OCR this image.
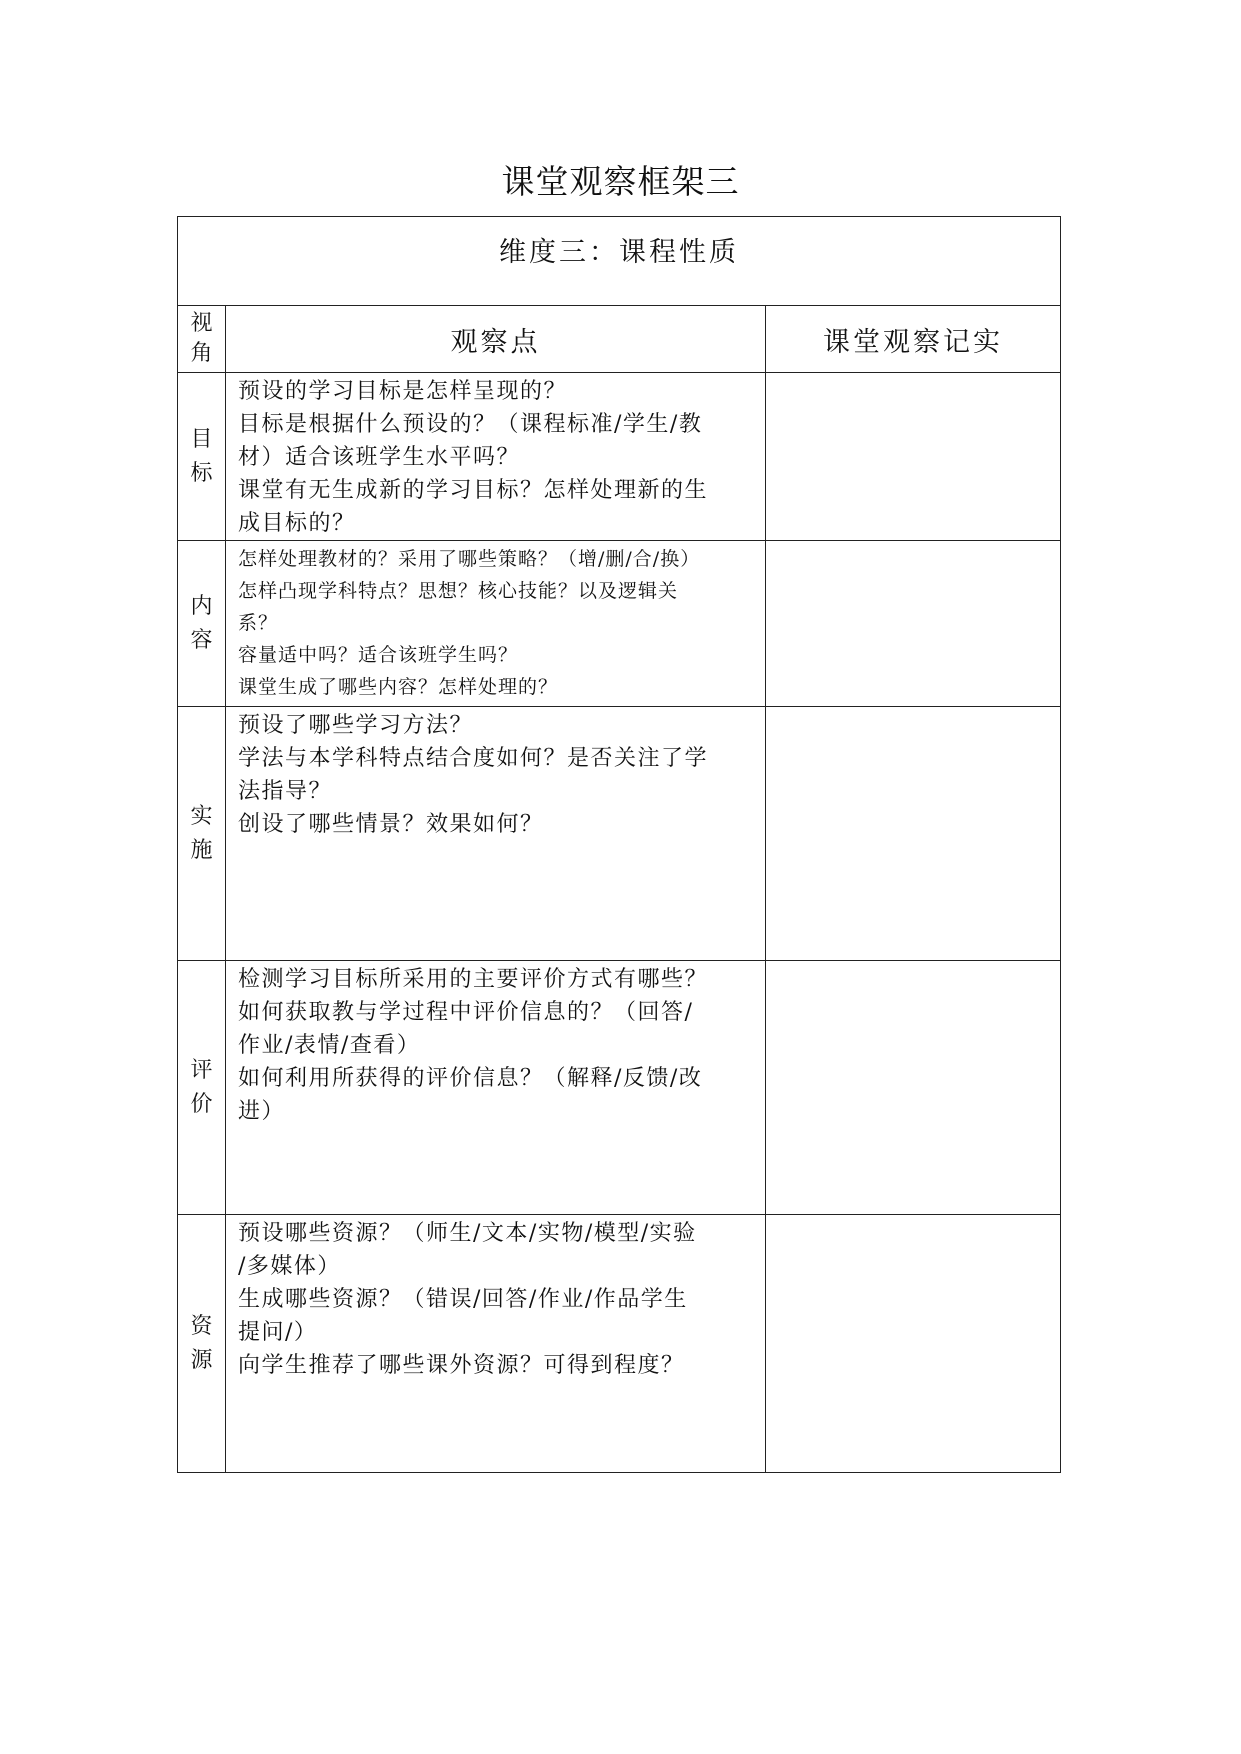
课堂观察框架三
维度三：课程性质		

视
角	观察点	课堂观察记实

目
标	预设的学习目标是怎样呈现的？
目标是根据什么预设的？（课程标准/学生/教
材）适合该班学生水平吗？
课堂有无生成新的学习目标？怎样处理新的生
成目标的？	

内
容	怎样处理教材的？采用了哪些策略？（增/删/合/换）
怎样凸现学科特点？思想？核心技能？以及逻辑关
系？
容量适中吗？适合该班学生吗？
课堂生成了哪些内容？怎样处理的？	

实
施	预设了哪些学习方法？
学法与本学科特点结合度如何？是否关注了学
法指导？
创设了哪些情景？效果如何？	

评
价	检测学习目标所采用的主要评价方式有哪些？
如何获取教与学过程中评价信息的？（回答/
作业/表情/查看）
如何利用所获得的评价信息？（解释/反馈/改
进）	

资
源	预设哪些资源？（师生/文本/实物/模型/实验
/多媒体）
生成哪些资源？（错误/回答/作业/作品学生
提问/）
向学生推荐了哪些课外资源？可得到程度？	
